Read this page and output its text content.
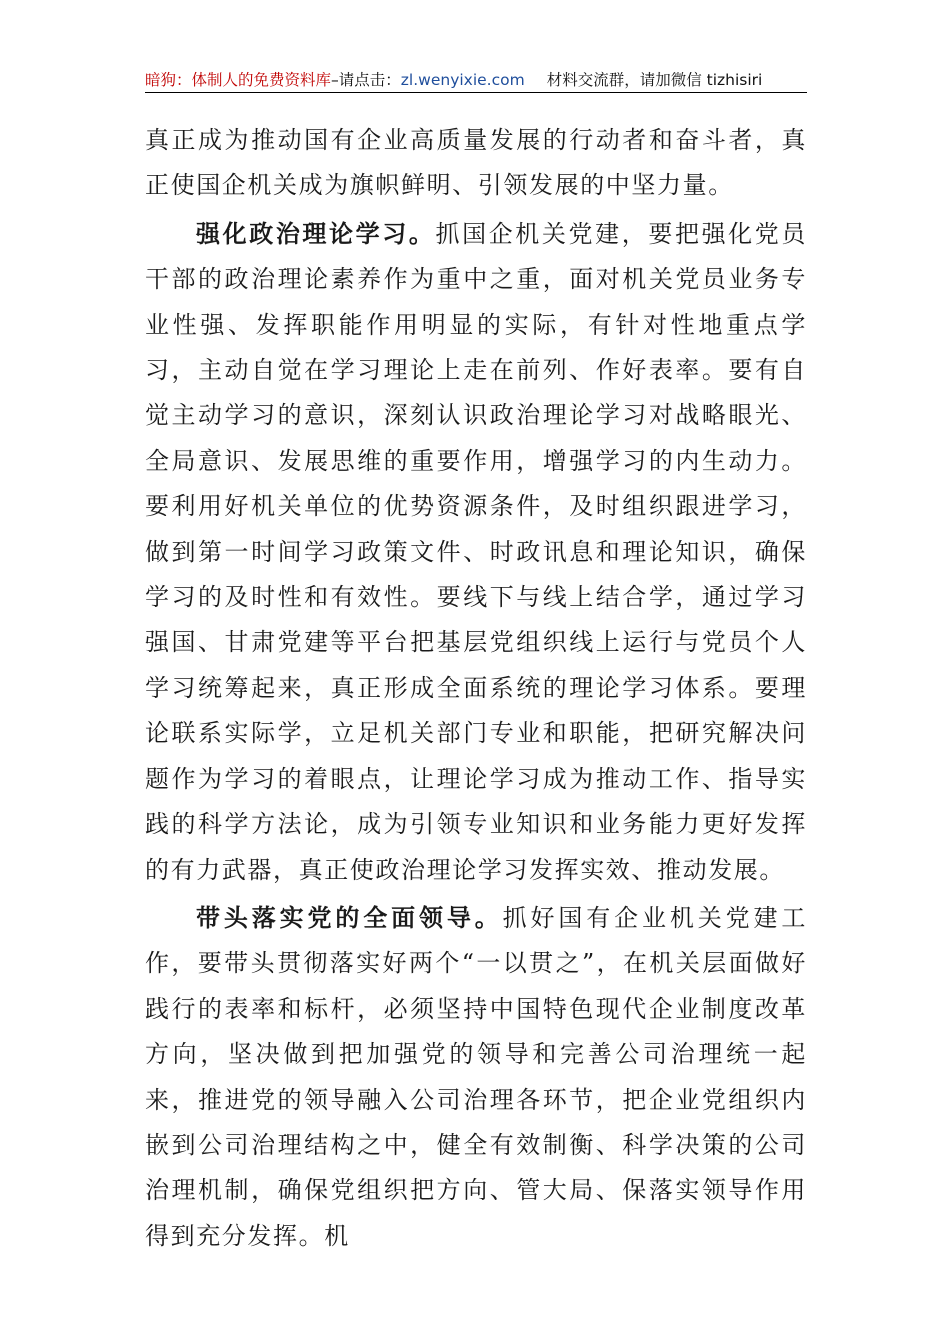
暗狗：体制人的免费资料库 –请点击： zl.wenyixie.com 材料交流群，请加微信 tizhisiri

真正成为推动国有企业高质量发展的行动者和奋斗者，真正使国企机关成为旗帜鲜明、引领发展的中坚力量。

强化政治理论学习。抓国企机关党建，要把强化党员干部的政治理论素养作为重中之重，面对机关党员业务专业性强、发挥职能作用明显的实际，有针对性地重点学习，主动自觉在学习理论上走在前列、作好表率。要有自觉主动学习的意识，深刻认识政治理论学习对战略眼光、全局意识、发展思维的重要作用，增强学习的内生动力。要利用好机关单位的优势资源条件，及时组织跟进学习，做到第一时间学习政策文件、时政讯息和理论知识，确保学习的及时性和有效性。要线下与线上结合学，通过学习强国、甘肃党建等平台把基层党组织线上运行与党员个人学习统筹起来，真正形成全面系统的理论学习体系。要理论联系实际学，立足机关部门专业和职能，把研究解决问题作为学习的着眼点，让理论学习成为推动工作、指导实践的科学方法论，成为引领专业知识和业务能力更好发挥的有力武器，真正使政治理论学习发挥实效、推动发展。

带头落实党的全面领导。抓好国有企业机关党建工作，要带头贯彻落实好两个“一以贯之”，在机关层面做好践行的表率和标杆，必须坚持中国特色现代企业制度改革方向，坚决做到把加强党的领导和完善公司治理统一起来，推进党的领导融入公司治理各环节，把企业党组织内嵌到公司治理结构之中，健全有效制衡、科学决策的公司治理机制，确保党组织把方向、管大局、保落实领导作用得到充分发挥。机
